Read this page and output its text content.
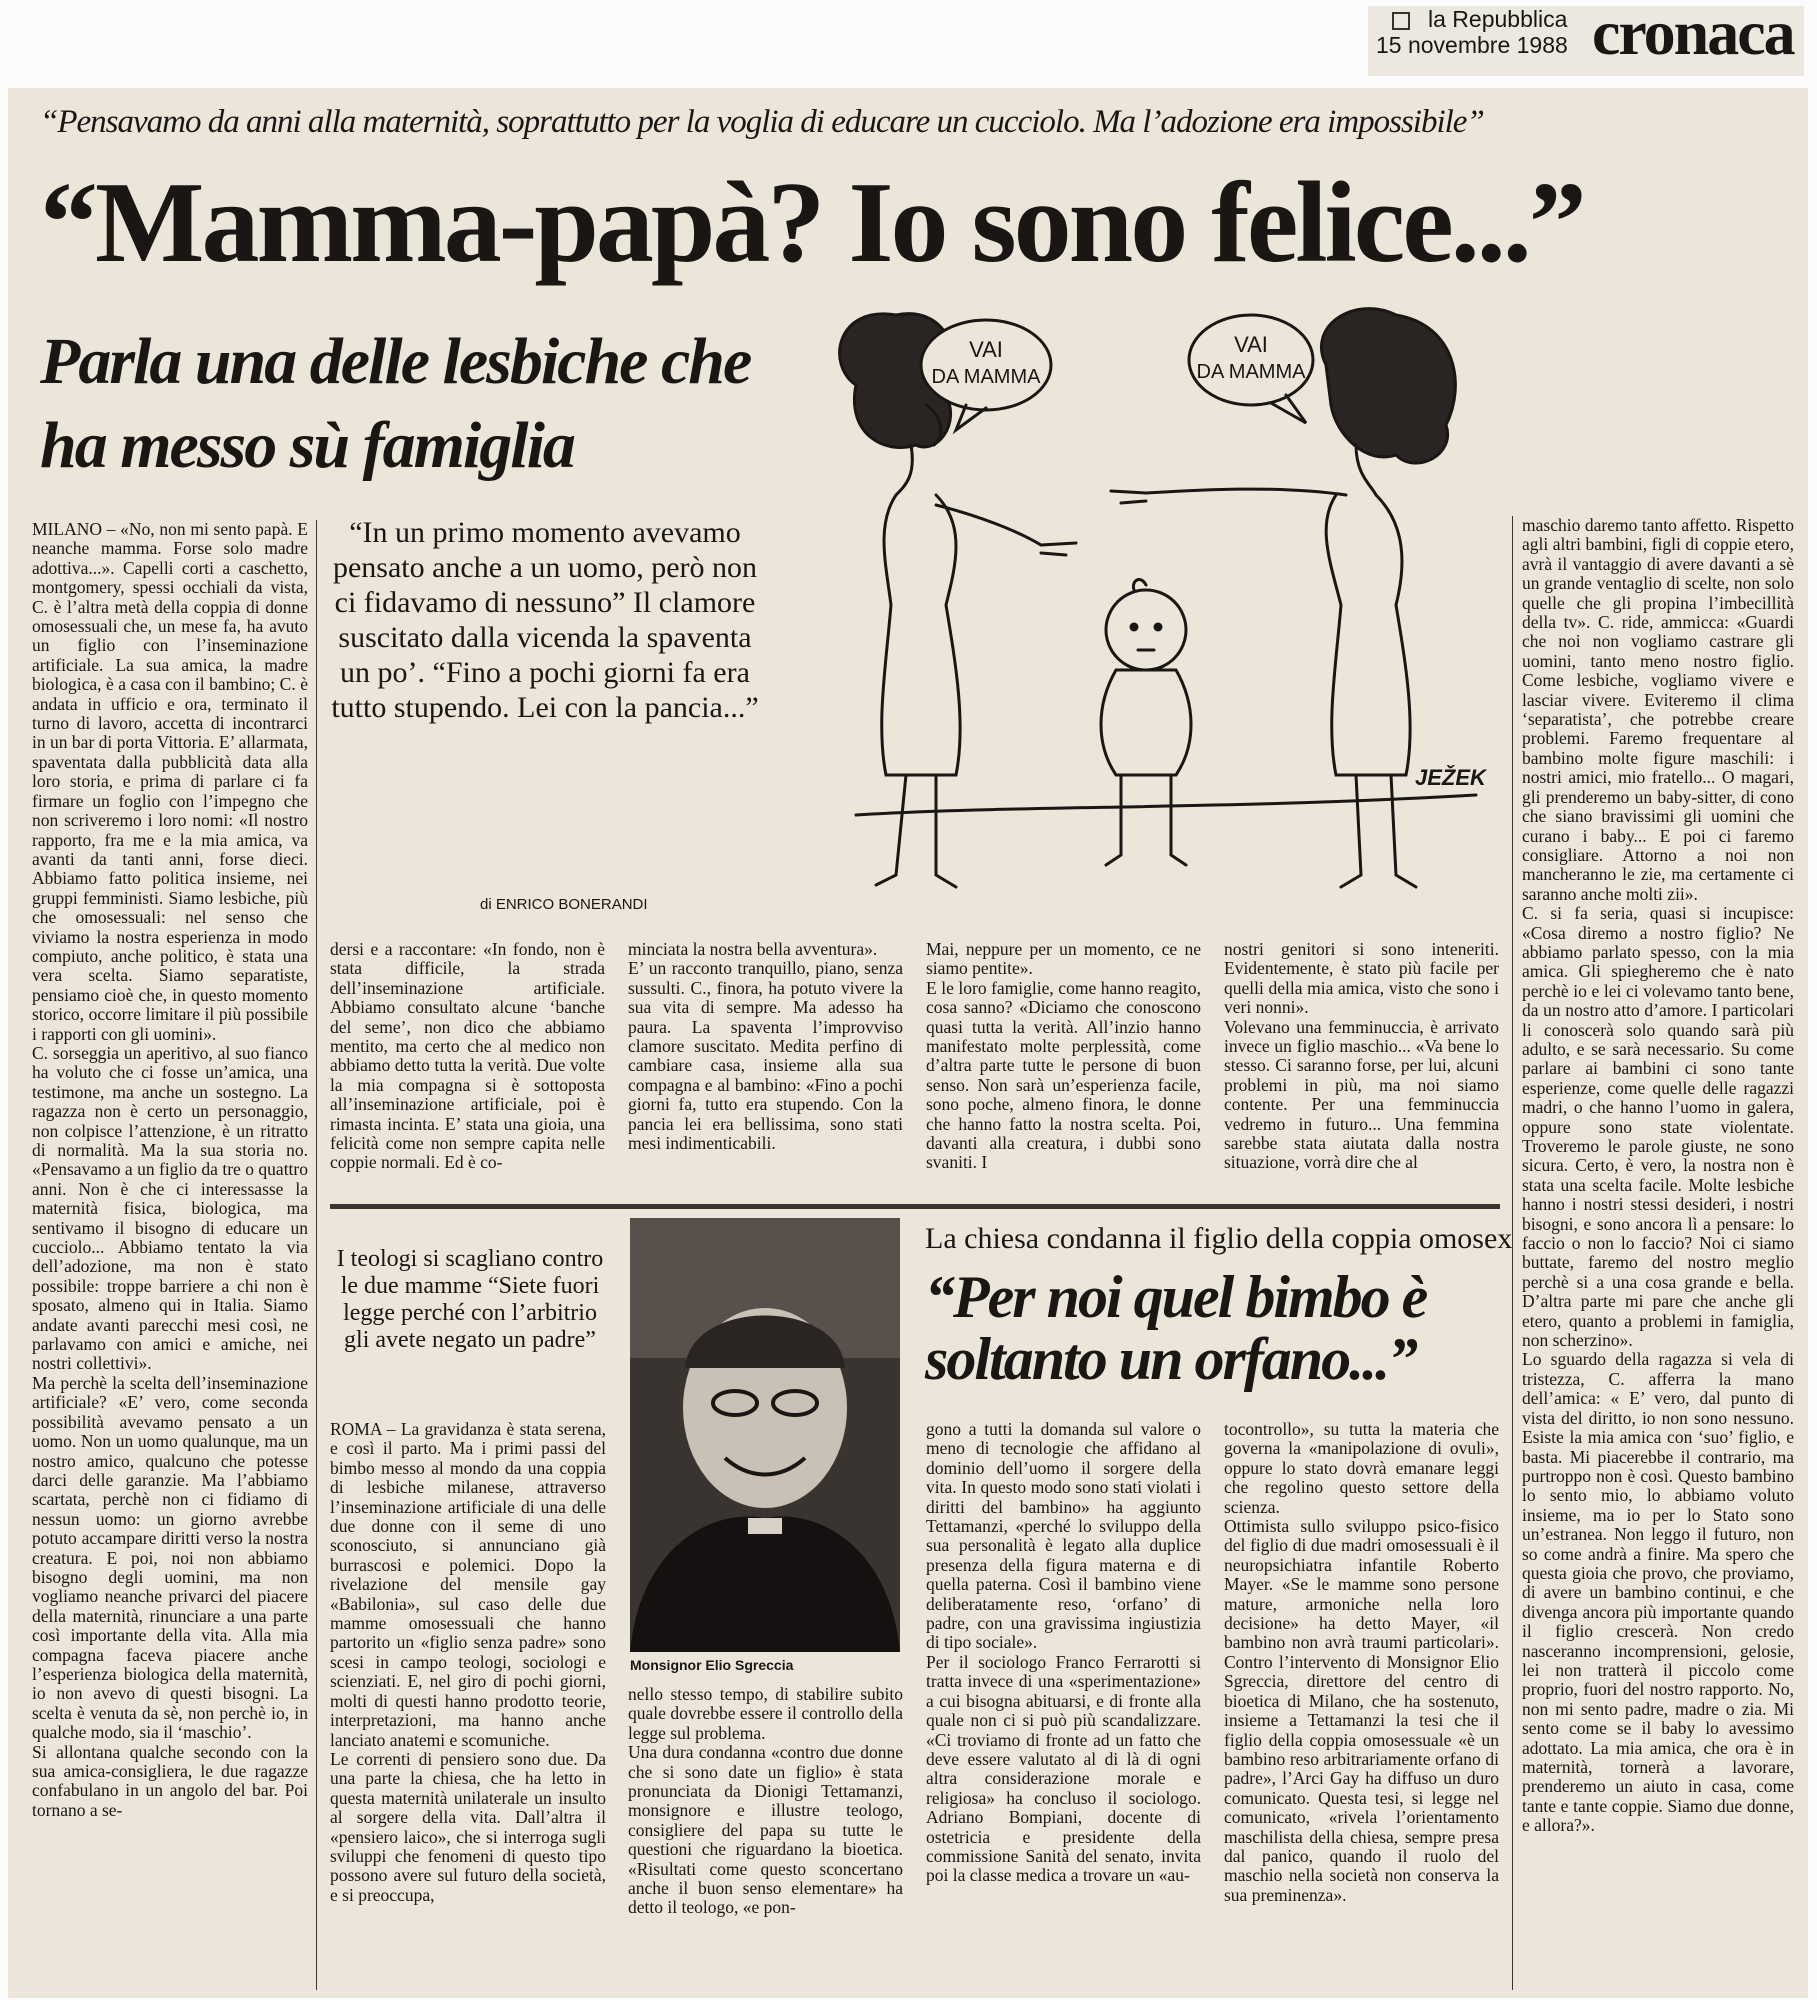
la Repubblica
15 novembre 1988 cronaca
“Pensavamo da anni alla maternità, soprattutto per la voglia di educare un cucciolo. Ma l’adozione era impossibile”
“Mamma-papà? Io sono felice...”
Parla una delle lesbiche che ha messo sù famiglia
“In un primo momento avevamo pensato anche a un uomo, però non ci fidavamo di nessuno” Il clamore suscitato dalla vicenda la spaventa un po’. “Fino a pochi giorni fa era tutto stupendo. Lei con la pancia...”
VAI
DA MAMMA
VAI
DA MAMMA
JEŽEK
di ENRICO BONERANDI
MILANO – «No, non mi sento papà. E neanche mamma. Forse solo madre adottiva...». Capelli corti a caschetto, montgomery, spessi occhiali da vista, C. è l’altra metà della coppia di donne omosessuali che, un mese fa, ha avuto un figlio con l’inseminazione artificiale. La sua amica, la madre biologica, è a casa con il bambino; C. è andata in ufficio e ora, terminato il turno di lavoro, accetta di incontrarci in un bar di porta Vittoria. E’ allarmata, spaventata dalla pubblicità data alla loro storia, e prima di parlare ci fa firmare un foglio con l’impegno che non scriveremo i loro nomi: «Il nostro rapporto, fra me e la mia amica, va avanti da tanti anni, forse dieci. Abbiamo fatto politica insieme, nei gruppi femministi. Siamo lesbiche, più che omosessuali: nel senso che viviamo la nostra esperienza in modo compiuto, anche politico, è stata una vera scelta. Siamo separatiste, pensiamo cioè che, in questo momento storico, occorre limitare il più possibile i rapporti con gli uomini».
C. sorseggia un aperitivo, al suo fianco ha voluto che ci fosse un’amica, una testimone, ma anche un sostegno. La ragazza non è certo un personaggio, non colpisce l’attenzione, è un ritratto di normalità. Ma la sua storia no. «Pensavamo a un figlio da tre o quattro anni. Non è che ci interessasse la maternità fisica, biologica, ma sentivamo il bisogno di educare un cucciolo... Abbiamo tentato la via dell’adozione, ma non è stato possibile: troppe barriere a chi non è sposato, almeno qui in Italia. Siamo andate avanti parecchi mesi così, ne parlavamo con amici e amiche, nei nostri collettivi».
Ma perchè la scelta dell’inseminazione artificiale? «E’ vero, come seconda possibilità avevamo pensato a un uomo. Non un uomo qualunque, ma un nostro amico, qualcuno che potesse darci delle garanzie. Ma l’abbiamo scartata, perchè non ci fidiamo di nessun uomo: un giorno avrebbe potuto accampare diritti verso la nostra creatura. E poi, noi non abbiamo bisogno degli uomini, ma non vogliamo neanche privarci del piacere della maternità, rinunciare a una parte così importante della vita. Alla mia compagna faceva piacere anche l’esperienza biologica della maternità, io non avevo di questi bisogni. La scelta è venuta da sè, non perchè io, in qualche modo, sia il ‘maschio’.
Si allontana qualche secondo con la sua amica-consigliera, le due ragazze confabulano in un angolo del bar. Poi tornano a se-
dersi e a raccontare: «In fondo, non è stata difficile, la strada dell’inseminazione artificiale. Abbiamo consultato alcune ‘banche del seme’, non dico che abbiamo mentito, ma certo che al medico non abbiamo detto tutta la verità. Due volte la mia compagna si è sottoposta all’inseminazione artificiale, poi è rimasta incinta. E’ stata una gioia, una felicità come non sempre capita nelle coppie normali. Ed è co-
minciata la nostra bella avventura».
E’ un racconto tranquillo, piano, senza sussulti. C., finora, ha potuto vivere la sua vita di sempre. Ma adesso ha paura. La spaventa l’improvviso clamore suscitato. Medita perfino di cambiare casa, insieme alla sua compagna e al bambino: «Fino a pochi giorni fa, tutto era stupendo. Con la pancia lei era bellissima, sono stati mesi indimenticabili.
Mai, neppure per un momento, ce ne siamo pentite».
E le loro famiglie, come hanno reagito, cosa sanno? «Diciamo che conoscono quasi tutta la verità. All’inzio hanno manifestato molte perplessità, come d’altra parte tutte le persone di buon senso. Non sarà un’esperienza facile, sono poche, almeno finora, le donne che hanno fatto la nostra scelta. Poi, davanti alla creatura, i dubbi sono svaniti. I
nostri genitori si sono inteneriti. Evidentemente, è stato più facile per quelli della mia amica, visto che sono i veri nonni».
Volevano una femminuccia, è arrivato invece un figlio maschio... «Va bene lo stesso. Ci saranno forse, per lui, alcuni problemi in più, ma noi siamo contente. Per una femminuccia vedremo in futuro... Una femmina sarebbe stata aiutata dalla nostra situazione, vorrà dire che al
maschio daremo tanto affetto. Rispetto agli altri bambini, figli di coppie etero, avrà il vantaggio di avere davanti a sè un grande ventaglio di scelte, non solo quelle che gli propina l’imbecillità della tv». C. ride, ammicca: «Guardi che noi non vogliamo castrare gli uomini, tanto meno nostro figlio. Come lesbiche, vogliamo vivere e lasciar vivere. Eviteremo il clima ‘separatista’, che potrebbe creare problemi. Faremo frequentare al bambino molte figure maschili: i nostri amici, mio fratello... O magari, gli prenderemo un baby-sitter, di cono che siano bravissimi gli uomini che curano i baby... E poi ci faremo consigliare. Attorno a noi non mancheranno le zie, ma certamente ci saranno anche molti zii».
C. si fa seria, quasi si incupisce: «Cosa diremo a nostro figlio? Ne abbiamo parlato spesso, con la mia amica. Gli spiegheremo che è nato perchè io e lei ci volevamo tanto bene, da un nostro atto d’amore. I particolari li conoscerà solo quando sarà più adulto, e se sarà necessario. Su come parlare ai bambini ci sono tante esperienze, come quelle delle ragazzi madri, o che hanno l’uomo in galera, oppure sono state violentate. Troveremo le parole giuste, ne sono sicura. Certo, è vero, la nostra non è stata una scelta facile. Molte lesbiche hanno i nostri stessi desideri, i nostri bisogni, e sono ancora lì a pensare: lo faccio o non lo faccio? Noi ci siamo buttate, faremo del nostro meglio perchè si a una cosa grande e bella. D’altra parte mi pare che anche gli etero, quanto a problemi in famiglia, non scherzino».
Lo sguardo della ragazza si vela di tristezza, C. afferra la mano dell’amica: « E’ vero, dal punto di vista del diritto, io non sono nessuno. Esiste la mia amica con ‘suo’ figlio, e basta. Mi piacerebbe il contrario, ma purtroppo non è così. Questo bambino lo sento mio, lo abbiamo voluto insieme, ma io per lo Stato sono un’estranea. Non leggo il futuro, non so come andrà a finire. Ma spero che questa gioia che provo, che proviamo, di avere un bambino continui, e che divenga ancora più importante quando il figlio crescerà. Non credo nasceranno incomprensioni, gelosie, lei non tratterà il piccolo come proprio, fuori del nostro rapporto. No, non mi sento padre, madre o zia. Mi sento come se il baby lo avessimo adottato. La mia amica, che ora è in maternità, tornerà a lavorare, prenderemo un aiuto in casa, come tante e tante coppie. Siamo due donne, e allora?».
I teologi si scagliano contro le due mamme “Siete fuori legge perché con l’arbitrio gli avete negato un padre”
Monsignor Elio Sgreccia
La chiesa condanna il figlio della coppia omosex
“Per noi quel bimbo è soltanto un orfano...”
ROMA – La gravidanza è stata serena, e così il parto. Ma i primi passi del bimbo messo al mondo da una coppia di lesbiche milanese, attraverso l’inseminazione artificiale di una delle due donne con il seme di uno sconosciuto, si annunciano già burrascosi e polemici. Dopo la rivelazione del mensile gay «Babilonia», sul caso delle due mamme omosessuali che hanno partorito un «figlio senza padre» sono scesi in campo teologi, sociologi e scienziati. E, nel giro di pochi giorni, molti di questi hanno prodotto teorie, interpretazioni, ma hanno anche lanciato anatemi e scomuniche.
Le correnti di pensiero sono due. Da una parte la chiesa, che ha letto in questa maternità unilaterale un insulto al sorgere della vita. Dall’altra il «pensiero laico», che si interroga sugli sviluppi che fenomeni di questo tipo possono avere sul futuro della società, e si preoccupa,
nello stesso tempo, di stabilire subito quale dovrebbe essere il controllo della legge sul problema.
Una dura condanna «contro due donne che si sono date un figlio» è stata pronunciata da Dionigi Tettamanzi, monsignore e illustre teologo, consigliere del papa su tutte le questioni che riguardano la bioetica. «Risultati come questo sconcertano anche il buon senso elementare» ha detto il teologo, «e pon-
gono a tutti la domanda sul valore o meno di tecnologie che affidano al dominio dell’uomo il sorgere della vita. In questo modo sono stati violati i diritti del bambino» ha aggiunto Tettamanzi, «perché lo sviluppo della sua personalità è legato alla duplice presenza della figura materna e di quella paterna. Così il bambino viene deliberatamente reso, ‘orfano’ di padre, con una gravissima ingiustizia di tipo sociale».
Per il sociologo Franco Ferrarotti si tratta invece di una «sperimentazione» a cui bisogna abituarsi, e di fronte alla quale non ci si può più scandalizzare. «Ci troviamo di fronte ad un fatto che deve essere valutato al di là di ogni altra considerazione morale e religiosa» ha concluso il sociologo. Adriano Bompiani, docente di ostetricia e presidente della commissione Sanità del senato, invita poi la classe medica a trovare un «au-
tocontrollo», su tutta la materia che governa la «manipolazione di ovuli», oppure lo stato dovrà emanare leggi che regolino questo settore della scienza.
Ottimista sullo sviluppo psico-fisico del figlio di due madri omosessuali è il neuropsichiatra infantile Roberto Mayer. «Se le mamme sono persone mature, armoniche nella loro decisione» ha detto Mayer, «il bambino non avrà traumi particolari». Contro l’intervento di Monsignor Elio Sgreccia, direttore del centro di bioetica di Milano, che ha sostenuto, insieme a Tettamanzi la tesi che il figlio della coppia omosessuale «è un bambino reso arbitrariamente orfano di padre», l’Arci Gay ha diffuso un duro comunicato. Questa tesi, si legge nel comunicato, «rivela l’orientamento maschilista della chiesa, sempre presa dal panico, quando il ruolo del maschio nella società non conserva la sua preminenza».
